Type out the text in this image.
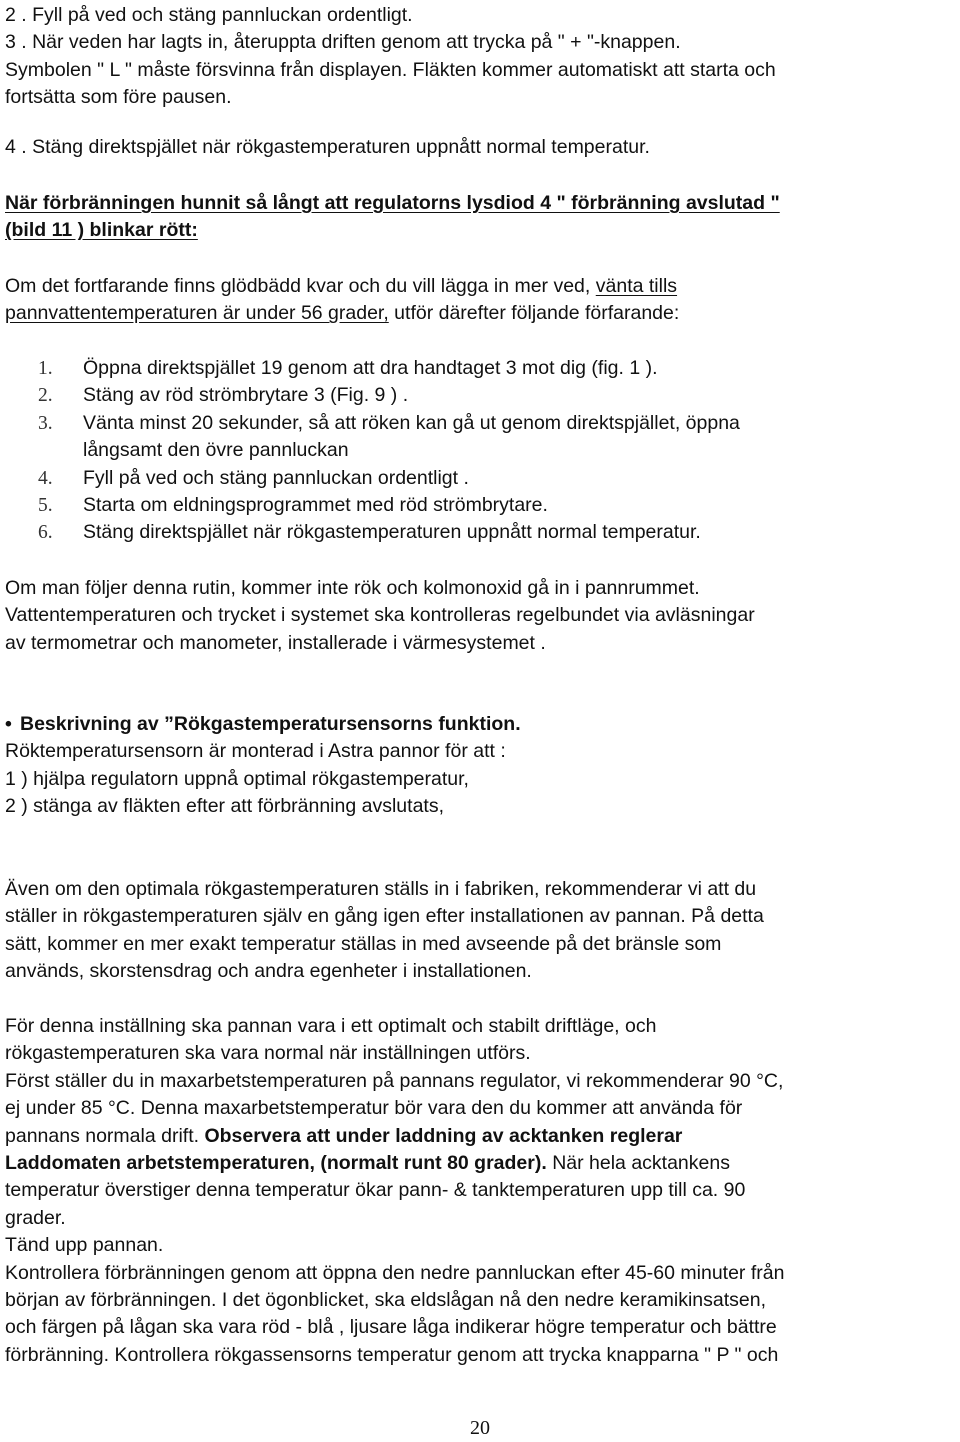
2 . Fyll på ved och stäng pannluckan ordentligt.
3 . När veden har lagts in, återuppta driften genom att trycka på " + "-knappen.
Symbolen " L " måste försvinna från displayen. Fläkten kommer automatiskt att starta och
fortsätta som före pausen.
4 . Stäng direktspjället när rökgastemperaturen uppnått normal temperatur.
När förbränningen hunnit så långt att regulatorns lysdiod 4 " förbränning avslutad "
(bild 11 ) blinkar rött:
Om det fortfarande finns glödbädd kvar och du vill lägga in mer ved, vänta tills
pannvattentemperaturen är under 56 grader, utför därefter följande förfarande:
1. Öppna direktspjället 19 genom att dra handtaget 3 mot dig (fig. 1 ).
2. Stäng av röd strömbrytare 3 (Fig. 9 ) .
3. Vänta minst 20 sekunder, så att röken kan gå ut genom direktspjället, öppna
långsamt den övre pannluckan
4. Fyll på ved och stäng pannluckan ordentligt .
5. Starta om eldningsprogrammet med röd strömbrytare.
6. Stäng direktspjället när rökgastemperaturen uppnått normal temperatur.
Om man följer denna rutin, kommer inte rök och kolmonoxid gå in i pannrummet.
Vattentemperaturen och trycket i systemet ska kontrolleras regelbundet via avläsningar
av termometrar och manometer, installerade i värmesystemet .
• Beskrivning av ”Rökgastemperatursensorns funktion.
Röktemperatursensorn är monterad i Astra pannor för att :
1 ) hjälpa regulatorn uppnå optimal rökgastemperatur,
2 ) stänga av fläkten efter att förbränning avslutats,
Även om den optimala rökgastemperaturen ställs in i fabriken, rekommenderar vi att du
ställer in rökgastemperaturen själv en gång igen efter installationen av pannan. På detta
sätt, kommer en mer exakt temperatur ställas in med avseende på det bränsle som
används, skorstensdrag och andra egenheter i installationen.
För denna inställning ska pannan vara i ett optimalt och stabilt driftläge, och
rökgastemperaturen ska vara normal när inställningen utförs.
Först ställer du in maxarbetstemperaturen på pannans regulator, vi rekommenderar 90 °C,
ej under 85 °C. Denna maxarbetstemperatur bör vara den du kommer att använda för
pannans normala drift. Observera att under laddning av acktanken reglerar
Laddomaten arbetstemperaturen, (normalt runt 80 grader). När hela acktankens
temperatur överstiger denna temperatur ökar pann- & tanktemperaturen upp till ca. 90
grader.
Tänd upp pannan.
Kontrollera förbränningen genom att öppna den nedre pannluckan efter 45-60 minuter från
början av förbränningen. I det ögonblicket, ska eldslågan nå den nedre keramikinsatsen,
och färgen på lågan ska vara röd - blå , ljusare låga indikerar högre temperatur och bättre
förbränning. Kontrollera rökgassensorns temperatur genom att trycka knapparna " P " och
20
